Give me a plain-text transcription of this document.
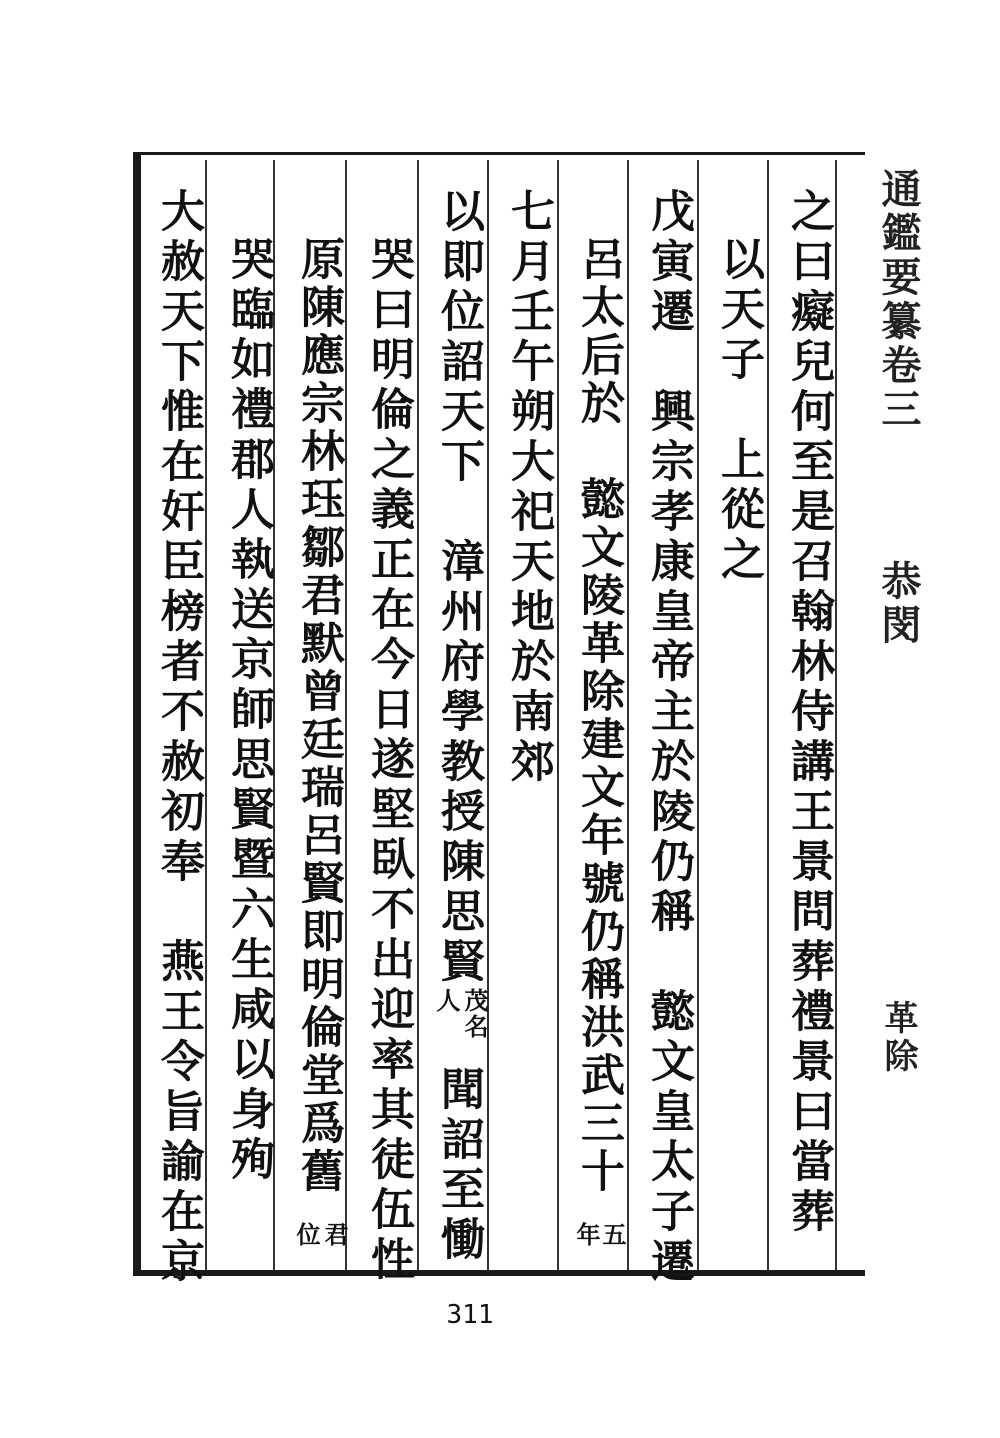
之曰癡兒何至是召翰林侍講王景問葬禮景曰當葬
以天子　上從之
戊寅遷　興宗孝康皇帝主於陵仍稱　懿文皇太子遷
呂太后於　懿文陵革除建文年號仍稱洪武三十
五
年
七月壬午朔大祀天地於南郊
以即位詔天下　漳州府學教授陳思賢
茂名
人
聞詔至慟
哭曰明倫之義正在今日遂堅臥不出迎率其徒伍性
原陳應宗林珏鄒君默曾廷瑞呂賢即明倫堂爲舊
君
位
哭臨如禮郡人執送京師思賢暨六生咸以身殉
大赦天下惟在奸臣榜者不赦初奉　燕王令旨諭在京	通鑑要纂卷三
恭閔
革除
311
